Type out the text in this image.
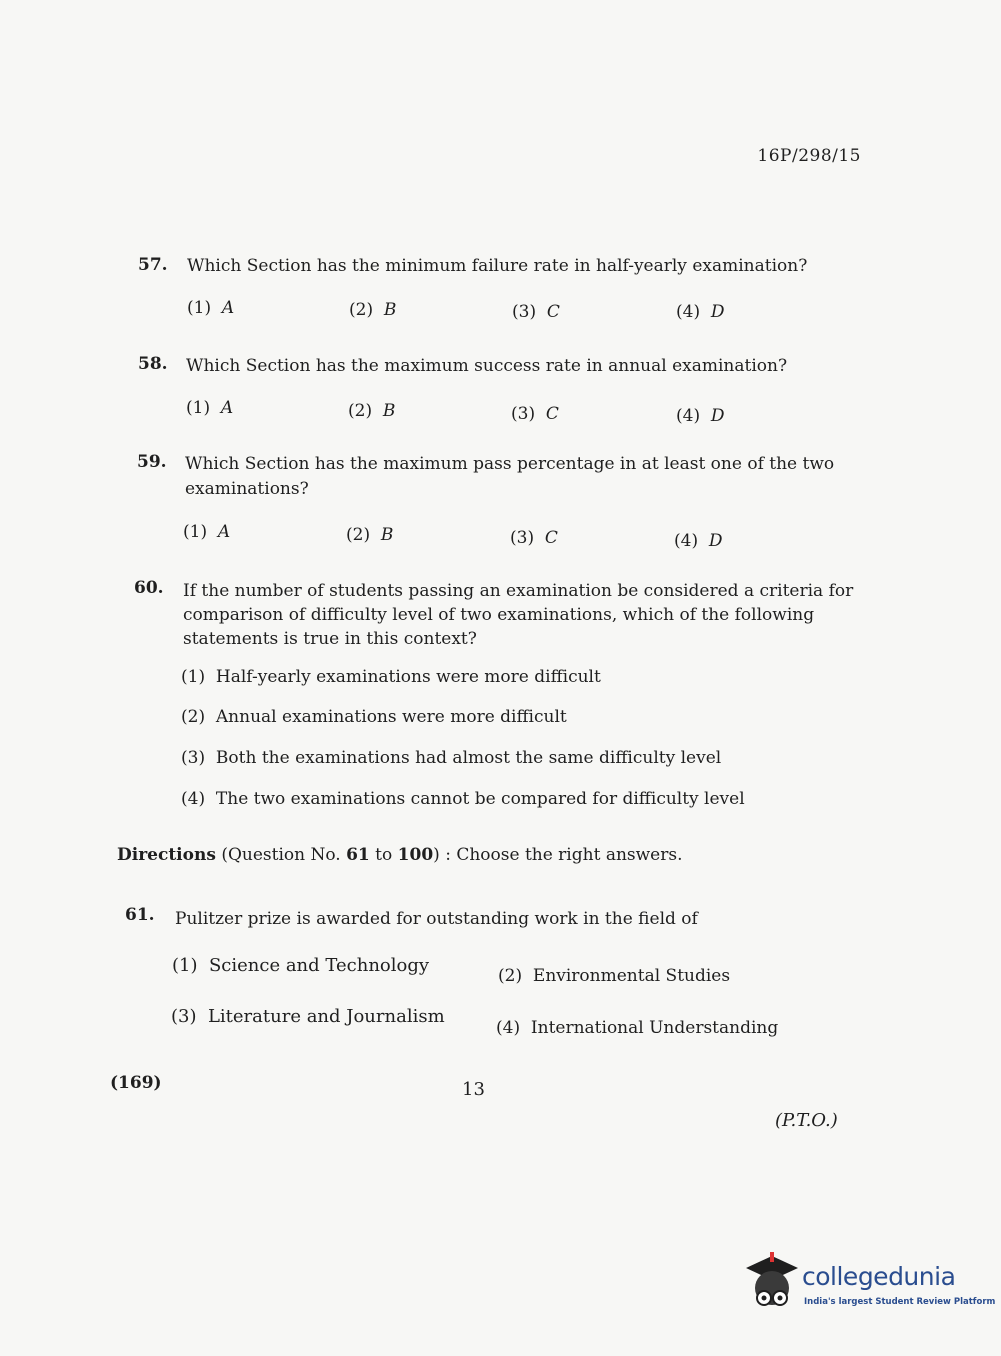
16P/298/15
57. Which Section has the minimum failure rate in half-yearly examination?
(1) A	(2) B	(3) C	(4) D
58. Which Section has the maximum success rate in annual examination?
(1) A	(2) B	(3) C	(4) D
59. Which Section has the maximum pass percentage in at least one of the two
examinations?
(1) A	(2) B	(3) C	(4) D
60. If the number of students passing an examination be considered a criteria for
comparison of difficulty level of two examinations, which of the following
statements is true in this context?
(1) Half-yearly examinations were more difficult
(2) Annual examinations were more difficult
(3) Both the examinations had almost the same difficulty level
(4) The two examinations cannot be compared for difficulty level
Directions (Question No. 61 to 100) : Choose the right answers.
61. Pulitzer prize is awarded for outstanding work in the field of
(1) Science and Technology	(2) Environmental Studies
(3) Literature and Journalism
(4) International Understanding
(169)	13
(P.T.O.)
collegedunia
India's largest Student Review Platform
